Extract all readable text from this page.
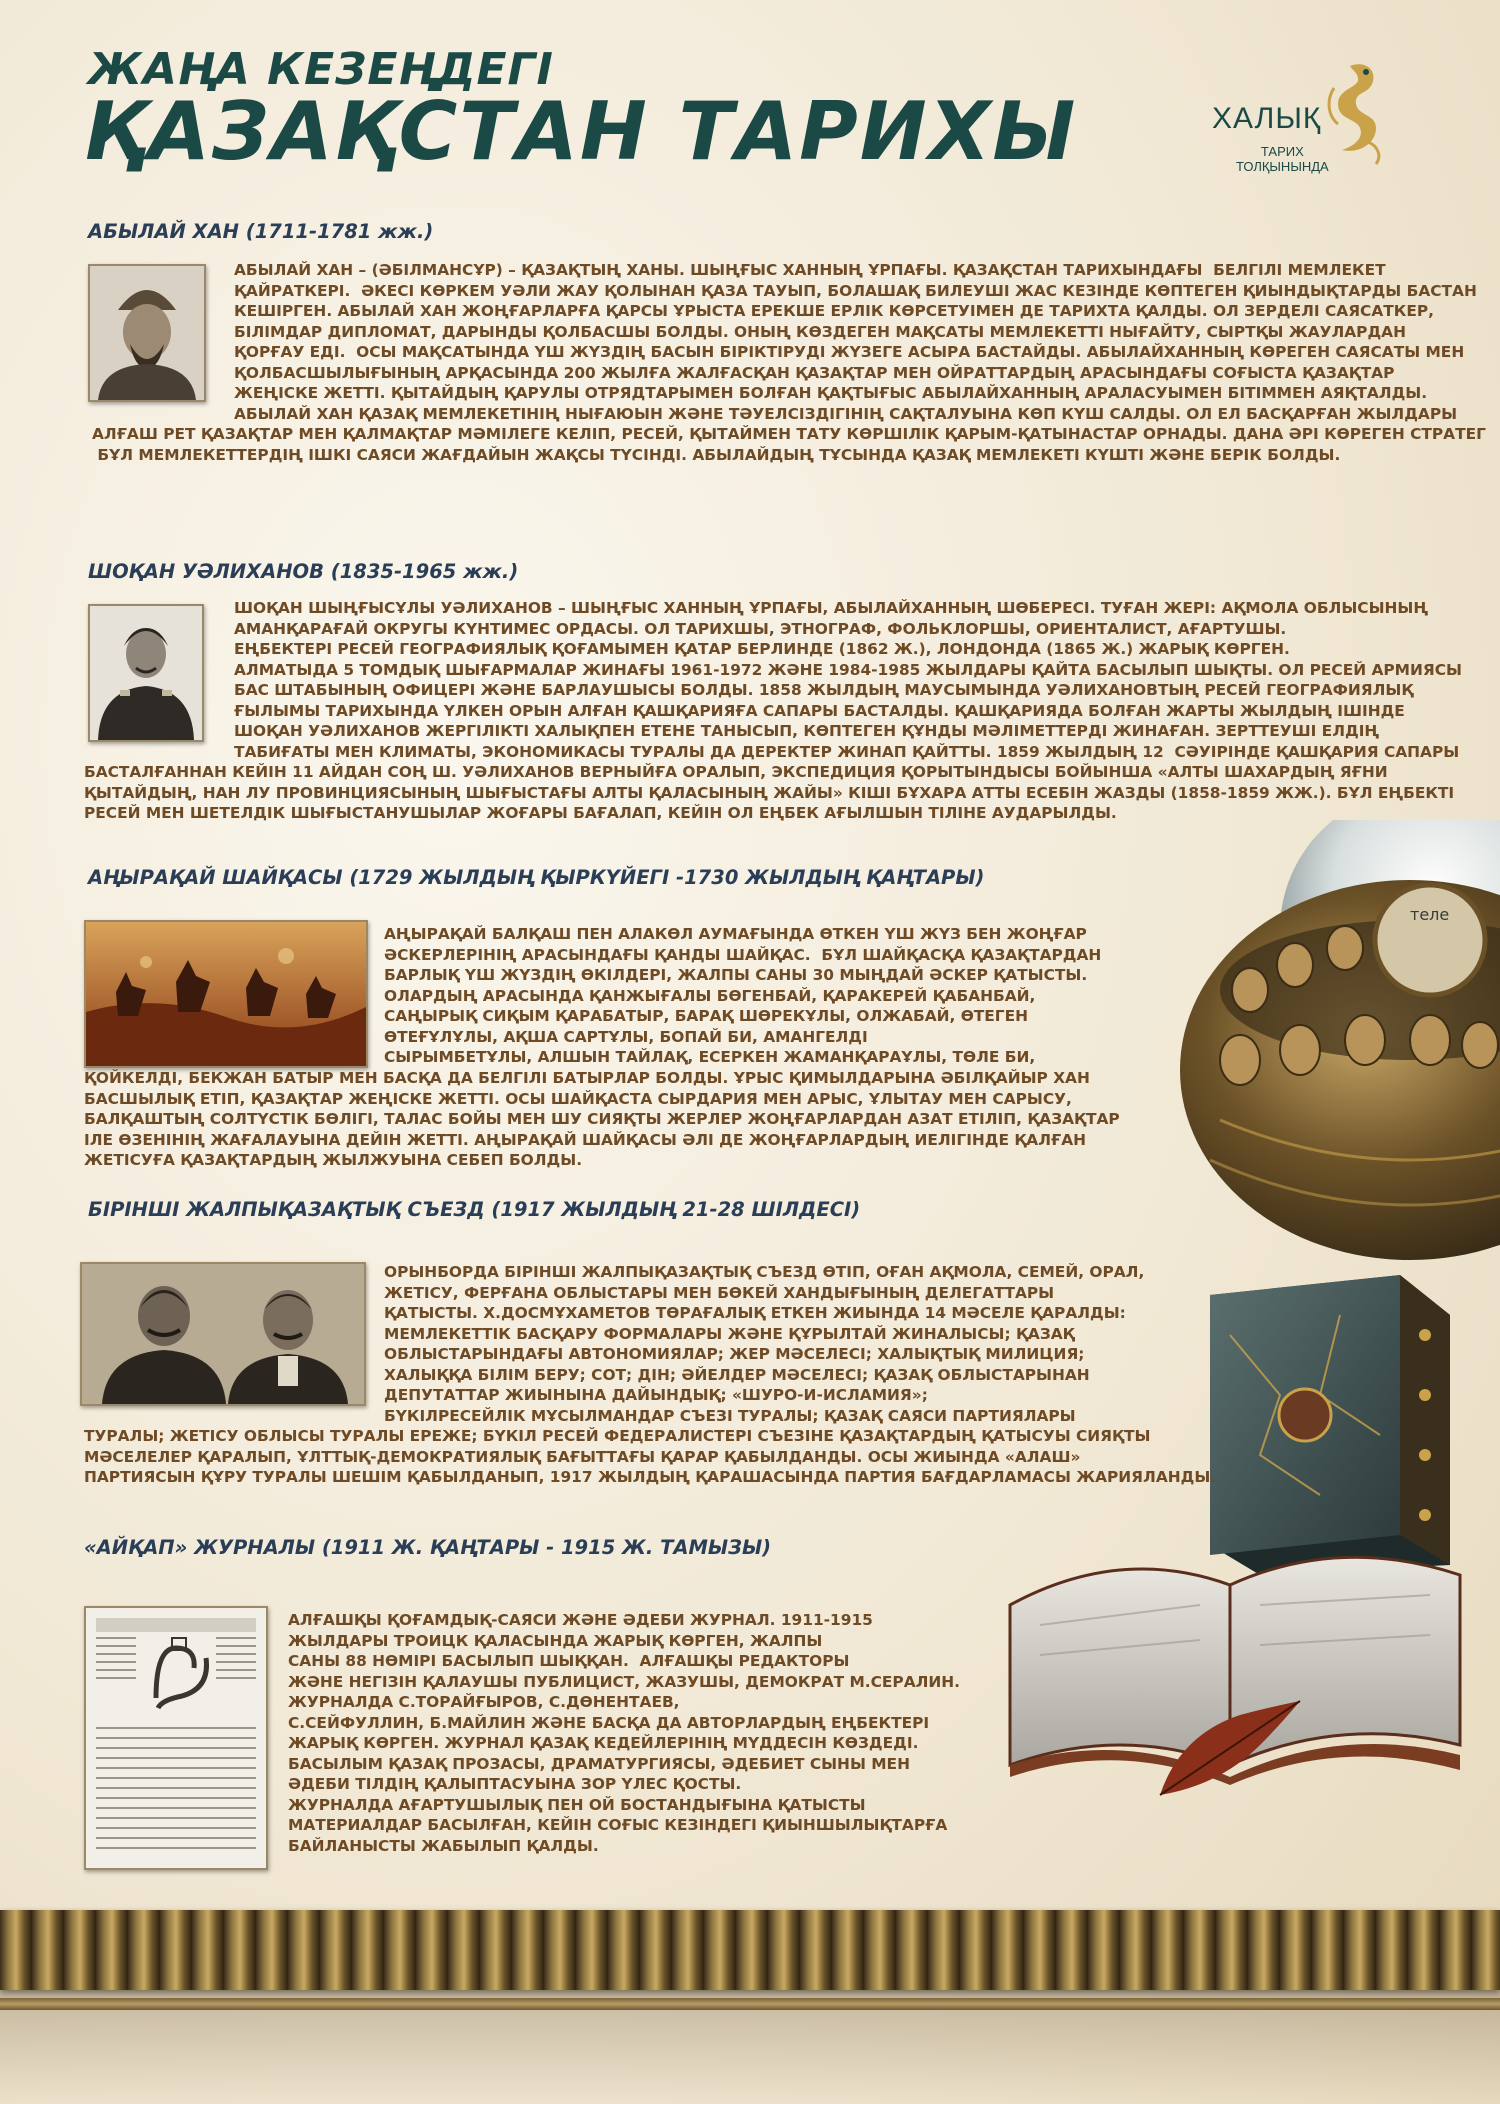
ЖАҢА КЕЗЕҢДЕГІ
ҚАЗАҚСТАН ТАРИХЫ	ХАЛЫҚ
ТАРИХ
ТОЛҚЫНЫНДА
теле
АБЫЛАЙ ХАН (1711-1781 жж.)
АБЫЛАЙ ХАН – (ӘБІЛМАНСҰР) – ҚАЗАҚТЫҢ ХАНЫ. ШЫҢҒЫС ХАННЫҢ ҰРПАҒЫ. ҚАЗАҚСТАН ТАРИХЫНДАҒЫ  БЕЛГІЛІ МЕМЛЕКЕТ
ҚАЙРАТКЕРІ.  ӘКЕСІ КӨРКЕМ УӘЛИ ЖАУ ҚОЛЫНАН ҚАЗА ТАУЫП, БОЛАШАҚ БИЛЕУШІ ЖАС КЕЗІНДЕ КӨПТЕГЕН ҚИЫНДЫҚТАРДЫ БАСТАН
КЕШІРГЕН. АБЫЛАЙ ХАН ЖОҢҒАРЛАРҒА ҚАРСЫ ҰРЫСТА ЕРЕКШЕ ЕРЛІК КӨРСЕТУІМЕН ДЕ ТАРИХТА ҚАЛДЫ. ОЛ ЗЕРДЕЛІ САЯСАТКЕР,
БІЛІМДАР ДИПЛОМАТ, ДАРЫНДЫ ҚОЛБАСШЫ БОЛДЫ. ОНЫҢ КӨЗДЕГЕН МАҚСАТЫ МЕМЛЕКЕТТІ НЫҒАЙТУ, СЫРТҚЫ ЖАУЛАРДАН
ҚОРҒАУ ЕДІ.  ОСЫ МАҚСАТЫНДА ҮШ ЖҮЗДІҢ БАСЫН БІРІКТІРУДІ ЖҮЗЕГЕ АСЫРА БАСТАЙДЫ. АБЫЛАЙХАННЫҢ КӨРЕГЕН САЯСАТЫ МЕН
ҚОЛБАСШЫЛЫҒЫНЫҢ АРҚАСЫНДА 200 ЖЫЛҒА ЖАЛҒАСҚАН ҚАЗАҚТАР МЕН ОЙРАТТАРДЫҢ АРАСЫНДАҒЫ СОҒЫСТА ҚАЗАҚТАР
ЖЕҢІСКЕ ЖЕТТІ. ҚЫТАЙДЫҢ ҚАРУЛЫ ОТРЯДТАРЫМЕН БОЛҒАН ҚАҚТЫҒЫС АБЫЛАЙХАННЫҢ АРАЛАСУЫМЕН БІТІММЕН АЯҚТАЛДЫ.
АБЫЛАЙ ХАН ҚАЗАҚ МЕМЛЕКЕТІНІҢ НЫҒАЮЫН ЖӘНЕ ТӘУЕЛСІЗДІГІНІҢ САҚТАЛУЫНА КӨП КҮШ САЛДЫ. ОЛ ЕЛ БАСҚАРҒАН ЖЫЛДАРЫ
АЛҒАШ РЕТ ҚАЗАҚТАР МЕН ҚАЛМАҚТАР МӘМІЛЕГЕ КЕЛІП, РЕСЕЙ, ҚЫТАЙМЕН ТАТУ КӨРШІЛІК ҚАРЫМ-ҚАТЫНАСТАР ОРНАДЫ. ДАНА ӘРІ КӨРЕГЕН СТРАТЕГ
БҰЛ МЕМЛЕКЕТТЕРДІҢ ІШКІ САЯСИ ЖАҒДАЙЫН ЖАҚСЫ ТҮСІНДІ. АБЫЛАЙДЫҢ ТҰСЫНДА ҚАЗАҚ МЕМЛЕКЕТІ КҮШТІ ЖӘНЕ БЕРІК БОЛДЫ.
ШОҚАН УӘЛИХАНОВ (1835-1965 жж.)
ШОҚАН ШЫҢҒЫСҰЛЫ УӘЛИХАНОВ – ШЫҢҒЫС ХАННЫҢ ҰРПАҒЫ, АБЫЛАЙХАННЫҢ ШӨБЕРЕСІ. ТУҒАН ЖЕРІ: АҚМОЛА ОБЛЫСЫНЫҢ
АМАНҚАРАҒАЙ ОКРУГЫ КҮНТИМЕС ОРДАСЫ. ОЛ ТАРИХШЫ, ЭТНОГРАФ, ФОЛЬКЛОРШЫ, ОРИЕНТАЛИСТ, АҒАРТУШЫ.
ЕҢБЕКТЕРІ РЕСЕЙ ГЕОГРАФИЯЛЫҚ ҚОҒАМЫМЕН ҚАТАР БЕРЛИНДЕ (1862 Ж.), ЛОНДОНДА (1865 Ж.) ЖАРЫҚ КӨРГЕН.
АЛМАТЫДА 5 ТОМДЫҚ ШЫҒАРМАЛАР ЖИНАҒЫ 1961-1972 ЖӘНЕ 1984-1985 ЖЫЛДАРЫ ҚАЙТА БАСЫЛЫП ШЫҚТЫ. ОЛ РЕСЕЙ АРМИЯСЫ
БАС ШТАБЫНЫҢ ОФИЦЕРІ ЖӘНЕ БАРЛАУШЫСЫ БОЛДЫ. 1858 ЖЫЛДЫҢ МАУСЫМЫНДА УӘЛИХАНОВТЫҢ РЕСЕЙ ГЕОГРАФИЯЛЫҚ
ҒЫЛЫМЫ ТАРИХЫНДА ҮЛКЕН ОРЫН АЛҒАН ҚАШҚАРИЯҒА САПАРЫ БАСТАЛДЫ. ҚАШҚАРИЯДА БОЛҒАН ЖАРТЫ ЖЫЛДЫҢ ІШІНДЕ
ШОҚАН УӘЛИХАНОВ ЖЕРГІЛІКТІ ХАЛЫҚПЕН ЕТЕНЕ ТАНЫСЫП, КӨПТЕГЕН ҚҰНДЫ МӘЛІМЕТТЕРДІ ЖИНАҒАН. ЗЕРТТЕУШІ ЕЛДІҢ
ТАБИҒАТЫ МЕН КЛИМАТЫ, ЭКОНОМИКАСЫ ТУРАЛЫ ДА ДЕРЕКТЕР ЖИНАП ҚАЙТТЫ. 1859 ЖЫЛДЫҢ 12  СӘУІРІНДЕ ҚАШҚАРИЯ САПАРЫ
БАСТАЛҒАННАН КЕЙІН 11 АЙДАН СОҢ Ш. УӘЛИХАНОВ ВЕРНЫЙҒА ОРАЛЫП, ЭКСПЕДИЦИЯ ҚОРЫТЫНДЫСЫ БОЙЫНША «АЛТЫ ШАХАРДЫҢ ЯҒНИ
ҚЫТАЙДЫҢ, НАН ЛУ ПРОВИНЦИЯСЫНЫҢ ШЫҒЫСТАҒЫ АЛТЫ ҚАЛАСЫНЫҢ ЖАЙЫ» КІШІ БҰХАРА АТТЫ ЕСЕБІН ЖАЗДЫ (1858-1859 ЖЖ.). БҰЛ ЕҢБЕКТІ
РЕСЕЙ МЕН ШЕТЕЛДІК ШЫҒЫСТАНУШЫЛАР ЖОҒАРЫ БАҒАЛАП, КЕЙІН ОЛ ЕҢБЕК АҒЫЛШЫН ТІЛІНЕ АУДАРЫЛДЫ.
АҢЫРАҚАЙ ШАЙҚАСЫ (1729 ЖЫЛДЫҢ ҚЫРКҮЙЕГІ -1730 ЖЫЛДЫҢ ҚАҢТАРЫ)
АҢЫРАҚАЙ БАЛҚАШ ПЕН АЛАКӨЛ АУМАҒЫНДА ӨТКЕН ҮШ ЖҮЗ БЕН ЖОҢҒАР
ӘСКЕРЛЕРІНІҢ АРАСЫНДАҒЫ ҚАНДЫ ШАЙҚАС.  БҰЛ ШАЙҚАСҚА ҚАЗАҚТАРДАН
БАРЛЫҚ ҮШ ЖҮЗДІҢ ӨКІЛДЕРІ, ЖАЛПЫ САНЫ 30 МЫҢДАЙ ӘСКЕР ҚАТЫСТЫ.
ОЛАРДЫҢ АРАСЫНДА ҚАНЖЫҒАЛЫ БӨГЕНБАЙ, ҚАРАКЕРЕЙ ҚАБАНБАЙ,
САҢЫРЫҚ СИҚЫМ ҚАРАБАТЫР, БАРАҚ ШӨРЕКҰЛЫ, ОЛЖАБАЙ, ӨТЕГЕН
ӨТЕҒҰЛҰЛЫ, АҚША САРТҰЛЫ, БОПАЙ БИ, АМАНГЕЛДІ
СЫРЫМБЕТҰЛЫ, АЛШЫН ТАЙЛАҚ, ЕСЕРКЕН ЖАМАНҚАРАҰЛЫ, ТӨЛЕ БИ,
ҚОЙКЕЛДІ, БЕКЖАН БАТЫР МЕН БАСҚА ДА БЕЛГІЛІ БАТЫРЛАР БОЛДЫ. ҰРЫС ҚИМЫЛДАРЫНА ӘБІЛҚАЙЫР ХАН
БАСШЫЛЫҚ ЕТІП, ҚАЗАҚТАР ЖЕҢІСКЕ ЖЕТТІ. ОСЫ ШАЙҚАСТА СЫРДАРИЯ МЕН АРЫС, ҰЛЫТАУ МЕН САРЫСУ,
БАЛҚАШТЫҢ СОЛТҮСТІК БӨЛІГІ, ТАЛАС БОЙЫ МЕН ШУ СИЯҚТЫ ЖЕРЛЕР ЖОҢҒАРЛАРДАН АЗАТ ЕТІЛІП, ҚАЗАҚТАР
ІЛЕ ӨЗЕНІНІҢ ЖАҒАЛАУЫНА ДЕЙІН ЖЕТТІ. АҢЫРАҚАЙ ШАЙҚАСЫ ӘЛІ ДЕ ЖОҢҒАРЛАРДЫҢ ИЕЛІГІНДЕ ҚАЛҒАН
ЖЕТІСУҒА ҚАЗАҚТАРДЫҢ ЖЫЛЖУЫНА СЕБЕП БОЛДЫ.
БІРІНШІ ЖАЛПЫҚАЗАҚТЫҚ СЪЕЗД (1917 ЖЫЛДЫҢ 21-28 ШІЛДЕСІ)
ОРЫНБОРДА БІРІНШІ ЖАЛПЫҚАЗАҚТЫҚ СЪЕЗД ӨТІП, ОҒАН АҚМОЛА, СЕМЕЙ, ОРАЛ,
ЖЕТІСУ, ФЕРҒАНА ОБЛЫСТАРЫ МЕН БӨКЕЙ ХАНДЫҒЫНЫҢ ДЕЛЕГАТТАРЫ
ҚАТЫСТЫ. Х.ДОСМҰХАМЕТОВ ТӨРАҒАЛЫҚ ЕТКЕН ЖИЫНДА 14 МӘСЕЛЕ ҚАРАЛДЫ:
МЕМЛЕКЕТТІК БАСҚАРУ ФОРМАЛАРЫ ЖӘНЕ ҚҰРЫЛТАЙ ЖИНАЛЫСЫ; ҚАЗАҚ
ОБЛЫСТАРЫНДАҒЫ АВТОНОМИЯЛАР; ЖЕР МӘСЕЛЕСІ; ХАЛЫҚТЫҚ МИЛИЦИЯ;
ХАЛЫҚҚА БІЛІМ БЕРУ; СОТ; ДІН; ӘЙЕЛДЕР МӘСЕЛЕСІ; ҚАЗАҚ ОБЛЫСТАРЫНАН
ДЕПУТАТТАР ЖИЫНЫНА ДАЙЫНДЫҚ; «ШУРО-И-ИСЛАМИЯ»;
БҮКІЛРЕСЕЙЛІК МҰСЫЛМАНДАР СЪЕЗІ ТУРАЛЫ; ҚАЗАҚ САЯСИ ПАРТИЯЛАРЫ
ТУРАЛЫ; ЖЕТІСУ ОБЛЫСЫ ТУРАЛЫ ЕРЕЖЕ; БҮКІЛ РЕСЕЙ ФЕДЕРАЛИСТЕРІ СЪЕЗІНЕ ҚАЗАҚТАРДЫҢ ҚАТЫСУЫ СИЯҚТЫ
МӘСЕЛЕЛЕР ҚАРАЛЫП, ҰЛТТЫҚ-ДЕМОКРАТИЯЛЫҚ БАҒЫТТАҒЫ ҚАРАР ҚАБЫЛДАНДЫ. ОСЫ ЖИЫНДА «АЛАШ»
ПАРТИЯСЫН ҚҰРУ ТУРАЛЫ ШЕШІМ ҚАБЫЛДАНЫП, 1917 ЖЫЛДЫҢ ҚАРАШАСЫНДА ПАРТИЯ БАҒДАРЛАМАСЫ ЖАРИЯЛАНДЫ.
«АЙҚАП» ЖУРНАЛЫ (1911 Ж. ҚАҢТАРЫ - 1915 Ж. ТАМЫЗЫ)
АЛҒАШҚЫ ҚОҒАМДЫҚ-САЯСИ ЖӘНЕ ӘДЕБИ ЖУРНАЛ. 1911-1915
ЖЫЛДАРЫ ТРОИЦК ҚАЛАСЫНДА ЖАРЫҚ КӨРГЕН, ЖАЛПЫ
САНЫ 88 НӨМІРІ БАСЫЛЫП ШЫҚҚАН.  АЛҒАШҚЫ РЕДАКТОРЫ
ЖӘНЕ НЕГІЗІН ҚАЛАУШЫ ПУБЛИЦИСТ, ЖАЗУШЫ, ДЕМОКРАТ М.СЕРАЛИН.
ЖУРНАЛДА С.ТОРАЙҒЫРОВ, С.ДӨНЕНТАЕВ,
С.СЕЙФУЛЛИН, Б.МАЙЛИН ЖӘНЕ БАСҚА ДА АВТОРЛАРДЫҢ ЕҢБЕКТЕРІ
ЖАРЫҚ КӨРГЕН. ЖУРНАЛ ҚАЗАҚ КЕДЕЙЛЕРІНІҢ МҮДДЕСІН КӨЗДЕДІ.
БАСЫЛЫМ ҚАЗАҚ ПРОЗАСЫ, ДРАМАТУРГИЯСЫ, ӘДЕБИЕТ СЫНЫ МЕН
ӘДЕБИ ТІЛДІҢ ҚАЛЫПТАСУЫНА ЗОР ҮЛЕС ҚОСТЫ.
ЖУРНАЛДА АҒАРТУШЫЛЫҚ ПЕН ОЙ БОСТАНДЫҒЫНА ҚАТЫСТЫ
МАТЕРИАЛДАР БАСЫЛҒАН, КЕЙІН СОҒЫС КЕЗІНДЕГІ ҚИЫНШЫЛЫҚТАРҒА
БАЙЛАНЫСТЫ ЖАБЫЛЫП ҚАЛДЫ.
